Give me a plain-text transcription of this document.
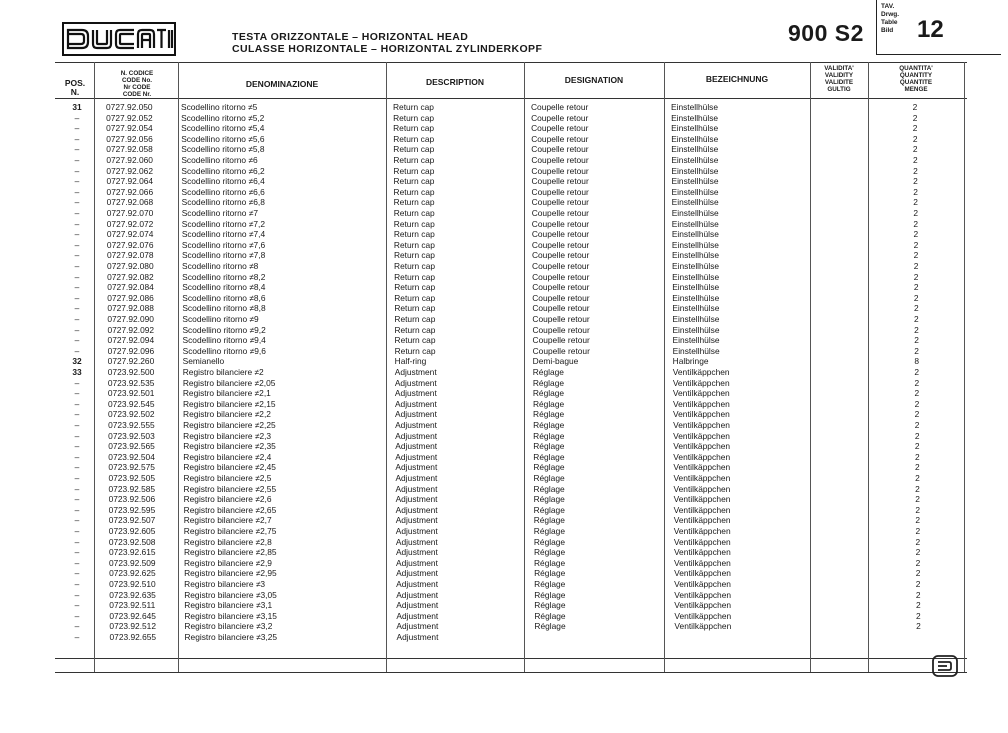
TESTA ORIZZONTALE – HORIZONTAL HEAD
CULASSE HORIZONTALE – HORIZONTAL ZYLINDERKOPF
900 S2
TAV.
Drwg.
Table
Bild 12
POS.
N.
N. CODICE
CODE No.
Nr CODE
CODE Nr.
DENOMINAZIONE	DESCRIPTION	DESIGNATION	BEZEICHNUNG
VALIDITA'
VALIDITY
VALIDITE
GULTIG
QUANTITA'
QUANTITY
QUANTITE
MENGE
31	0727.92.050	Scodellino ritorno ≠5	Return cap	Coupelle retour	Einstellhülse	2
–	0727.92.052	Scodellino ritorno ≠5,2	Return cap	Coupelle retour	Einstellhülse	2
–	0727.92.054	Scodellino ritorno ≠5,4	Return cap	Coupelle retour	Einstellhülse	2
–	0727.92.056	Scodellino ritorno ≠5,6	Return cap	Coupelle retour	Einstellhülse	2
–	0727.92.058	Scodellino ritorno ≠5,8	Return cap	Coupelle retour	Einstellhülse	2
–	0727.92.060	Scodellino ritorno ≠6	Return cap	Coupelle retour	Einstellhülse	2
–	0727.92.062	Scodellino ritorno ≠6,2	Return cap	Coupelle retour	Einstellhülse	2
–	0727.92.064	Scodellino ritorno ≠6,4	Return cap	Coupelle retour	Einstellhülse	2
–	0727.92.066	Scodellino ritorno ≠6,6	Return cap	Coupelle retour	Einstellhülse	2
–	0727.92.068	Scodellino ritorno ≠6,8	Return cap	Coupelle retour	Einstellhülse	2
–	0727.92.070	Scodellino ritorno ≠7	Return cap	Coupelle retour	Einstellhülse	2
–	0727.92.072	Scodellino ritorno ≠7,2	Return cap	Coupelle retour	Einstellhülse	2
–	0727.92.074	Scodellino ritorno ≠7,4	Return cap	Coupelle retour	Einstellhülse	2
–	0727.92.076	Scodellino ritorno ≠7,6	Return cap	Coupelle retour	Einstellhülse	2
–	0727.92.078	Scodellino ritorno ≠7,8	Return cap	Coupelle retour	Einstellhülse	2
–	0727.92.080	Scodellino ritorno ≠8	Return cap	Coupelle retour	Einstellhülse	2
–	0727.92.082	Scodellino ritorno ≠8,2	Return cap	Coupelle retour	Einstellhülse	2
–	0727.92.084	Scodellino ritorno ≠8,4	Return cap	Coupelle retour	Einstellhülse	2
–	0727.92.086	Scodellino ritorno ≠8,6	Return cap	Coupelle retour	Einstellhülse	2
–	0727.92.088	Scodellino ritorno ≠8,8	Return cap	Coupelle retour	Einstellhülse	2
–	0727.92.090	Scodellino ritorno ≠9	Return cap	Coupelle retour	Einstellhülse	2
–	0727.92.092	Scodellino ritorno ≠9,2	Return cap	Coupelle retour	Einstellhülse	2
–	0727.92.094	Scodellino ritorno ≠9,4	Return cap	Coupelle retour	Einstellhülse	2
–	0727.92.096	Scodellino ritorno ≠9,6	Return cap	Coupelle retour	Einstellhülse	2
32	0727.92.260	Semianello	Half-ring	Demi-bague	Halbringe	8
33	0723.92.500	Registro bilanciere ≠2	Adjustment	Réglage	Ventilkäppchen	2
–	0723.92.535	Registro bilanciere ≠2,05	Adjustment	Réglage	Ventilkäppchen	2
–	0723.92.501	Registro bilanciere ≠2,1	Adjustment	Réglage	Ventilkäppchen	2
–	0723.92.545	Registro bilanciere ≠2,15	Adjustment	Réglage	Ventilkäppchen	2
–	0723.92.502	Registro bilanciere ≠2,2	Adjustment	Réglage	Ventilkäppchen	2
–	0723.92.555	Registro bilanciere ≠2,25	Adjustment	Réglage	Ventilkäppchen	2
–	0723.92.503	Registro bilanciere ≠2,3	Adjustment	Réglage	Ventilkäppchen	2
–	0723.92.565	Registro bilanciere ≠2,35	Adjustment	Réglage	Ventilkäppchen	2
–	0723.92.504	Registro bilanciere ≠2,4	Adjustment	Réglage	Ventilkäppchen	2
–	0723.92.575	Registro bilanciere ≠2,45	Adjustment	Réglage	Ventilkäppchen	2
–	0723.92.505	Registro bilanciere ≠2,5	Adjustment	Réglage	Ventilkäppchen	2
–	0723.92.585	Registro bilanciere ≠2,55	Adjustment	Réglage	Ventilkäppchen	2
–	0723.92.506	Registro bilanciere ≠2,6	Adjustment	Réglage	Ventilkäppchen	2
–	0723.92.595	Registro bilanciere ≠2,65	Adjustment	Réglage	Ventilkäppchen	2
–	0723.92.507	Registro bilanciere ≠2,7	Adjustment	Réglage	Ventilkäppchen	2
–	0723.92.605	Registro bilanciere ≠2,75	Adjustment	Réglage	Ventilkäppchen	2
–	0723.92.508	Registro bilanciere ≠2,8	Adjustment	Réglage	Ventilkäppchen	2
–	0723.92.615	Registro bilanciere ≠2,85	Adjustment	Réglage	Ventilkäppchen	2
–	0723.92.509	Registro bilanciere ≠2,9	Adjustment	Réglage	Ventilkäppchen	2
–	0723.92.625	Registro bilanciere ≠2,95	Adjustment	Réglage	Ventilkäppchen	2
–	0723.92.510	Registro bilanciere ≠3	Adjustment	Réglage	Ventilkäppchen	2
–	0723.92.635	Registro bilanciere ≠3,05	Adjustment	Réglage	Ventilkäppchen	2
–	0723.92.511	Registro bilanciere ≠3,1	Adjustment	Réglage	Ventilkäppchen	2
–	0723.92.645	Registro bilanciere ≠3,15	Adjustment	Réglage	Ventilkäppchen	2
–	0723.92.512	Registro bilanciere ≠3,2	Adjustment	Réglage	Ventilkäppchen	2
–	0723.92.655	Registro bilanciere ≠3,25	Adjustment
